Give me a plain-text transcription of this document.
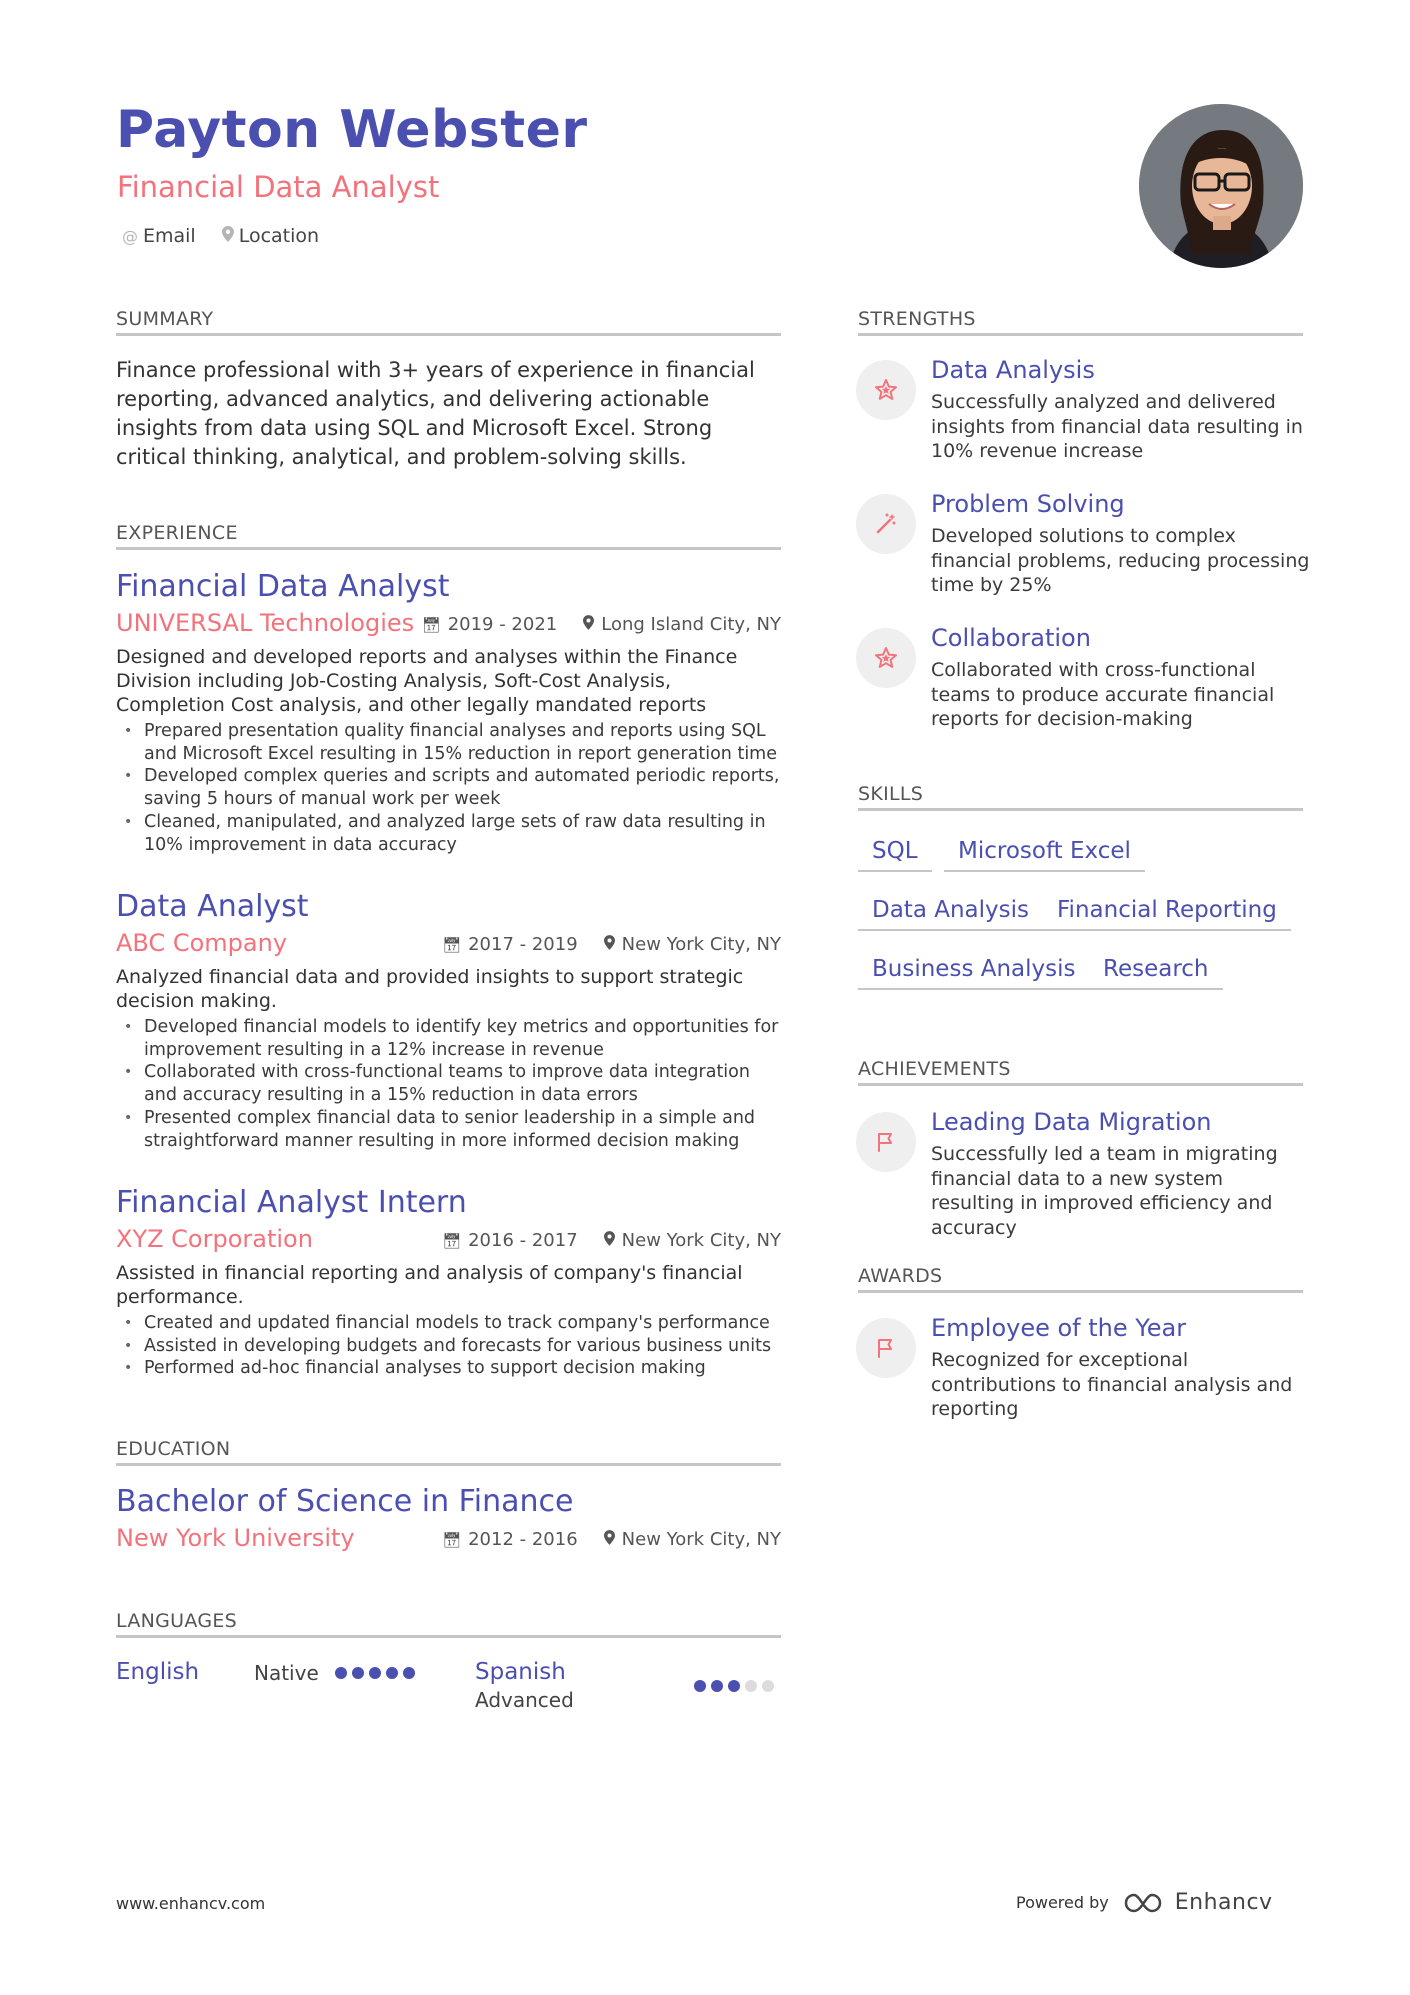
Payton Webster
Financial Data Analyst
@ Email Location
SUMMARY
Finance professional with 3+ years of experience in financial reporting, advanced analytics, and delivering actionable insights from data using SQL and Microsoft Excel. Strong critical thinking, analytical, and problem-solving skills.
EXPERIENCE
Financial Data Analyst
UNIVERSAL Technologies 📅︎ 2019 - 2021 Long Island City, NY
Designed and developed reports and analyses within the Finance Division including Job-Costing Analysis, Soft-Cost Analysis, Completion Cost analysis, and other legally mandated reports
• Prepared presentation quality financial analyses and reports using SQL and Microsoft Excel resulting in 15% reduction in report generation time
• Developed complex queries and scripts and automated periodic reports, saving 5 hours of manual work per week
• Cleaned, manipulated, and analyzed large sets of raw data resulting in 10% improvement in data accuracy
Data Analyst
ABC Company	📅︎ 2017 - 2019 New York City, NY
Analyzed financial data and provided insights to support strategic decision making.
• Developed financial models to identify key metrics and opportunities for improvement resulting in a 12% increase in revenue
• Collaborated with cross-functional teams to improve data integration and accuracy resulting in a 15% reduction in data errors
• Presented complex financial data to senior leadership in a simple and straightforward manner resulting in more informed decision making
Financial Analyst Intern
XYZ Corporation	📅︎ 2016 - 2017 New York City, NY
Assisted in financial reporting and analysis of company's financial performance.
• Created and updated financial models to track company's performance
• Assisted in developing budgets and forecasts for various business units
• Performed ad-hoc financial analyses to support decision making
EDUCATION
Bachelor of Science in Finance
New York University	📅︎ 2012 - 2016 New York City, NY
LANGUAGES
English	Native	Spanish
Advanced
STRENGTHS
Data Analysis
Successfully analyzed and delivered insights from financial data resulting in 10% revenue increase
Problem Solving
Developed solutions to complex financial problems, reducing processing time by 25%
Collaboration
Collaborated with cross-functional teams to produce accurate financial reports for decision-making
SKILLS
SQL	Microsoft Excel
Data Analysis	Financial Reporting
Business Analysis	Research
ACHIEVEMENTS
Leading Data Migration
Successfully led a team in migrating financial data to a new system resulting in improved efficiency and accuracy
AWARDS
Employee of the Year
Recognized for exceptional contributions to financial analysis and reporting
www.enhancv.com	Powered by	Enhancv
